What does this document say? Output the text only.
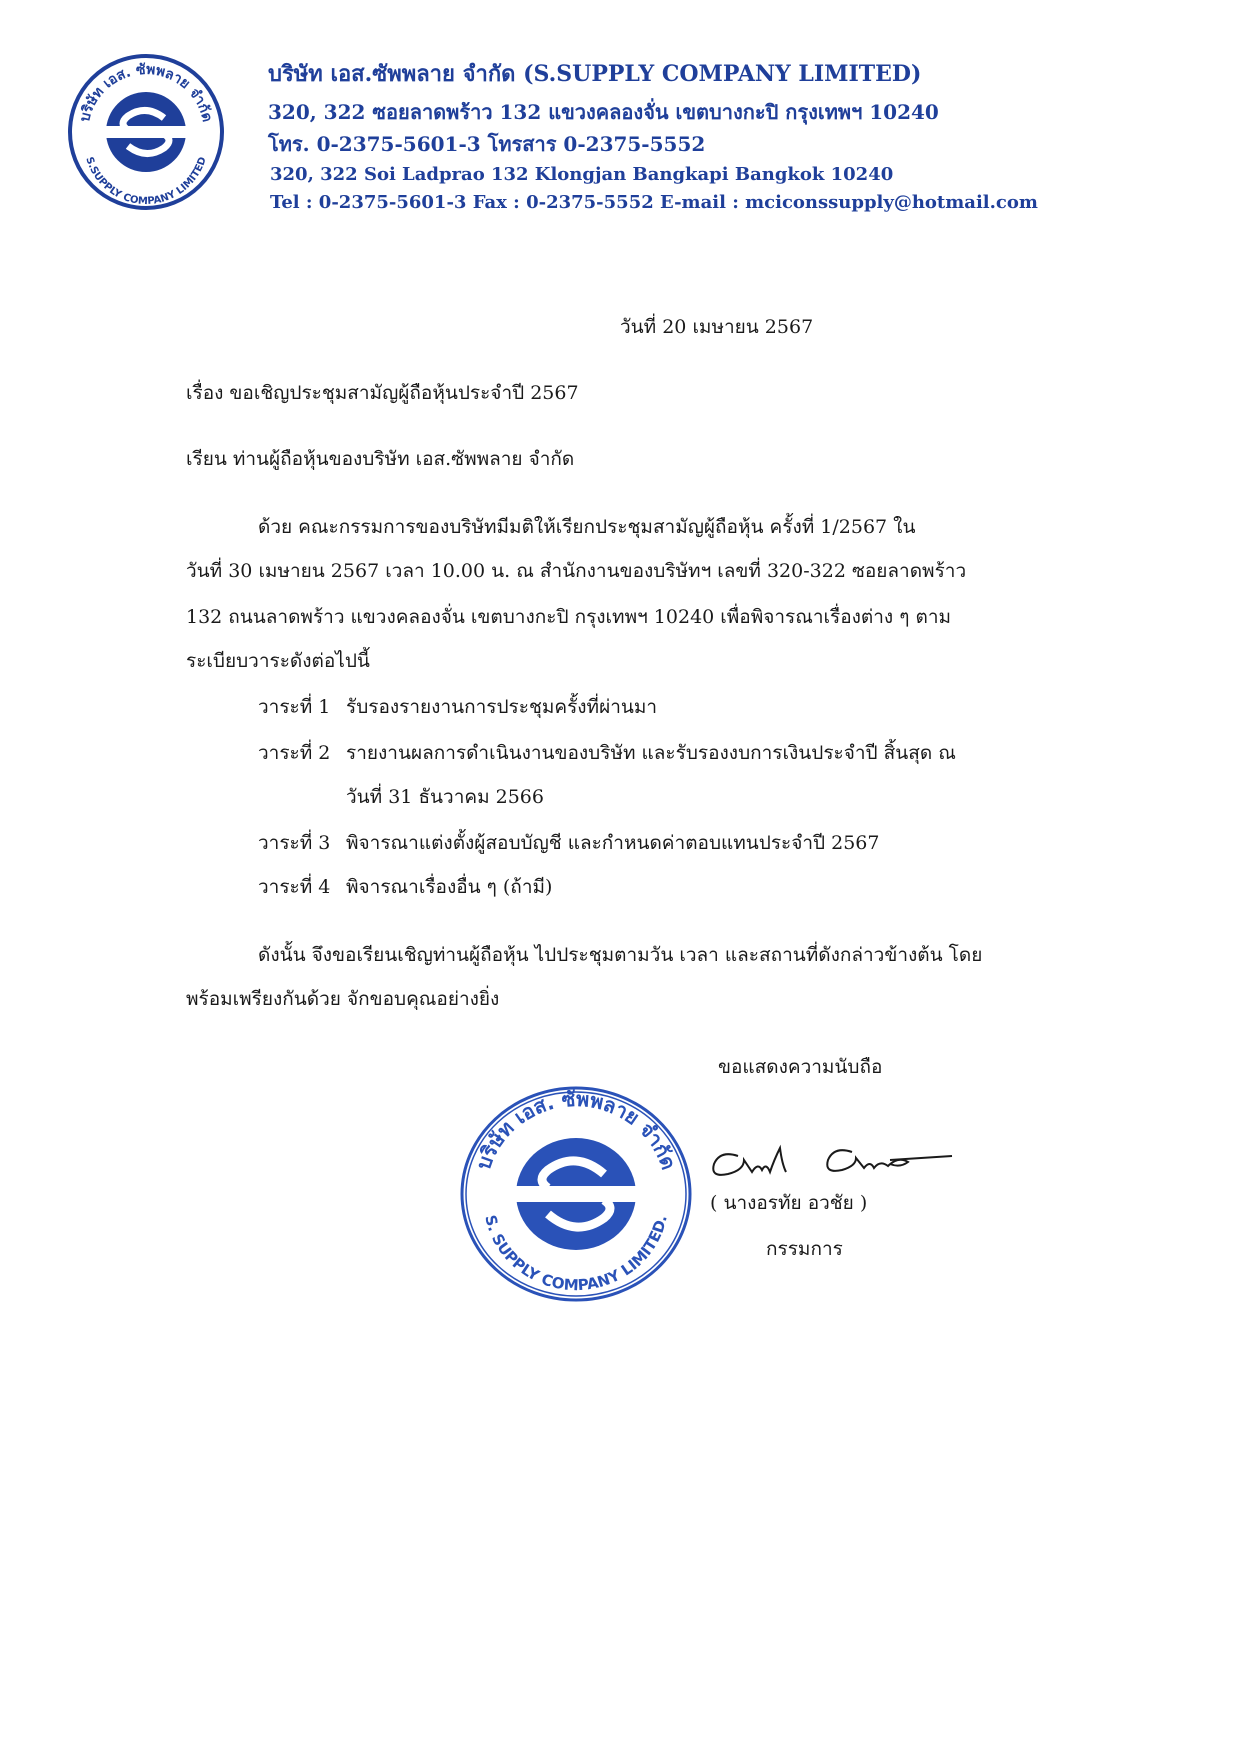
บริษัท เอส. ซัพพลาย จำกัด
S.SUPPLY COMPANY LIMITED
บริษัท เอส.ซัพพลาย จำกัด (S.SUPPLY COMPANY LIMITED)
320, 322 ซอยลาดพร้าว 132 แขวงคลองจั่น เขตบางกะปิ กรุงเทพฯ 10240
โทร. 0-2375-5601-3 โทรสาร 0-2375-5552
320, 322 Soi Ladprao 132 Klongjan Bangkapi Bangkok 10240
Tel : 0-2375-5601-3 Fax : 0-2375-5552 E-mail : mciconssupply@hotmail.com
วันที่ 20 เมษายน 2567
เรื่อง ขอเชิญประชุมสามัญผู้ถือหุ้นประจำปี 2567
เรียน ท่านผู้ถือหุ้นของบริษัท เอส.ซัพพลาย จำกัด
ด้วย คณะกรรมการของบริษัทมีมติให้เรียกประชุมสามัญผู้ถือหุ้น ครั้งที่ 1/2567 ใน
วันที่ 30 เมษายน 2567 เวลา 10.00 น. ณ สำนักงานของบริษัทฯ เลขที่ 320-322 ซอยลาดพร้าว
132 ถนนลาดพร้าว แขวงคลองจั่น เขตบางกะปิ กรุงเทพฯ 10240 เพื่อพิจารณาเรื่องต่าง ๆ ตาม
ระเบียบวาระดังต่อไปนี้
วาระที่ 1 รับรองรายงานการประชุมครั้งที่ผ่านมา
วาระที่ 2 รายงานผลการดำเนินงานของบริษัท และรับรองงบการเงินประจำปี สิ้นสุด ณ
วันที่ 31 ธันวาคม 2566
วาระที่ 3 พิจารณาแต่งตั้งผู้สอบบัญชี และกำหนดค่าตอบแทนประจำปี 2567
วาระที่ 4 พิจารณาเรื่องอื่น ๆ (ถ้ามี)
ดังนั้น จึงขอเรียนเชิญท่านผู้ถือหุ้น ไปประชุมตามวัน เวลา และสถานที่ดังกล่าวข้างต้น โดย
พร้อมเพรียงกันด้วย จักขอบคุณอย่างยิ่ง
ขอแสดงความนับถือ
บริษัท เอส. ซัพพลาย จำกัด
S. SUPPLY COMPANY LIMITED.
( นางอรทัย อวชัย )
กรรมการ
